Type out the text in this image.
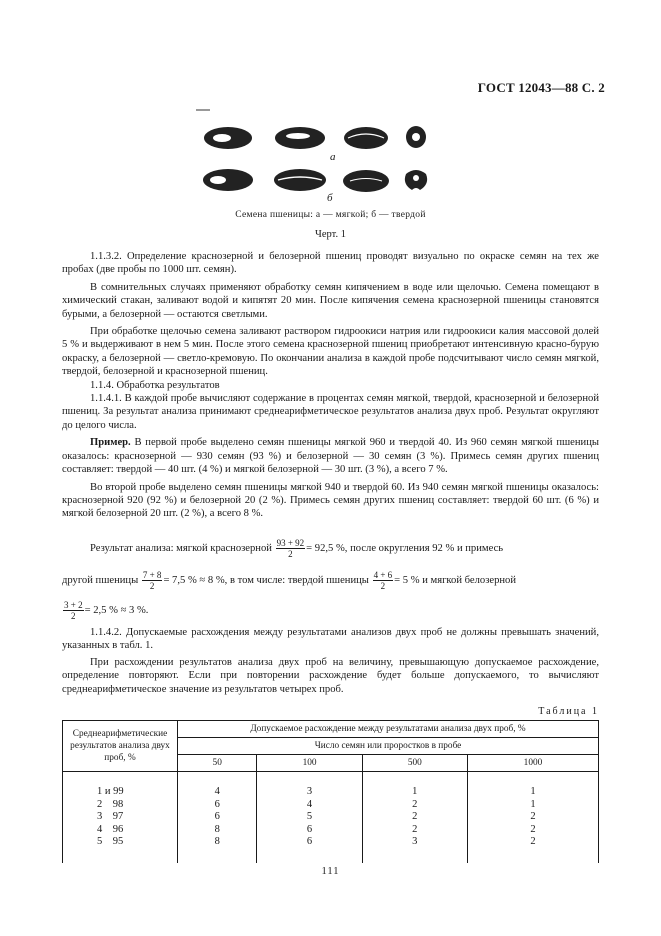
ГОСТ 12043—88 С. 2
а
б
Семена пшеницы: а — мягкой; б — твердой
Черт. 1

1.1.3.2. Определение краснозерной и белозерной пшениц проводят визуально по окраске семян на тех же пробах (две пробы по 1000 шт. семян).

В сомнительных случаях применяют обработку семян кипячением в воде или щелочью. Семена помещают в химический стакан, заливают водой и кипятят 20 мин. После кипячения семена краснозерной пшеницы становятся бурыми, а белозерной — остаются светлыми.

При обработке щелочью семена заливают раствором гидроокиси натрия или гидроокиси калия массовой долей 5 % и выдерживают в нем 5 мин. После этого семена краснозерной пшениц приобретают интенсивную красно-бурую окраску, а белозерной — светло-кремовую. По окончании анализа в каждой пробе подсчитывают число семян мягкой, твердой, белозерной и краснозерной пшениц.

1.1.4. Обработка результатов

1.1.4.1. В каждой пробе вычисляют содержание в процентах семян мягкой, твердой, краснозерной и белозерной пшениц. За результат анализа принимают среднеарифметическое результатов анализа двух проб. Результат округляют до целого числа.

Пример. В первой пробе выделено семян пшеницы мягкой 960 и твердой 40. Из 960 семян мягкой пшеницы оказалось: краснозерной — 930 семян (93 %) и белозерной — 30 семян (3 %). Примесь семян других пшениц составляет: твердой — 40 шт. (4 %) и мягкой белозерной — 30 шт. (3 %), а всего 7 %.

Во второй пробе выделено семян пшеницы мягкой 940 и твердой 60. Из 940 семян мягкой пшеницы оказалось: краснозерной 920 (92 %) и белозерной 20 (2 %). Примесь семян других пшениц составляет: твердой 60 шт. (6 %) и мягкой белозерной 20 шт. (2 %), а всего 8 %.

Результат анализа: мягкой краснозерной $\frac{93 + 92}{2} = 92,5$ %, после округления 92 % и примесь
другой пшеницы $\frac{7 + 8}{2} = 7,5$ % ≈ 8 %, в том числе: твердой пшеницы $\frac{4 + 6}{2} = 5$ % и мягкой белозерной
$\frac{3 + 2}{2} = 2,5$ % ≈ 3 %.

1.1.4.2. Допускаемые расхождения между результатами анализов двух проб не должны превышать значений, указанных в табл. 1.

При расхождении результатов анализа двух проб на величину, превышающую допускаемое расхождение, определение повторяют. Если при повторении расхождение будет больше допускаемого, то вычисляют среднеарифметическое значение из результатов четырех проб.

Таблица 1
Среднеарифметические результатов анализа двух проб, %	Допускаемое расхождение между результатами анализа двух проб, %			
	Число семян или проростков в пробе			
	50	100	500	1000
1 и 99	4	3	1	1
2    98	6	4	2	1
3    97	6	5	2	2
4    96	8	6	2	2
5    95	8	6	3	2
111
